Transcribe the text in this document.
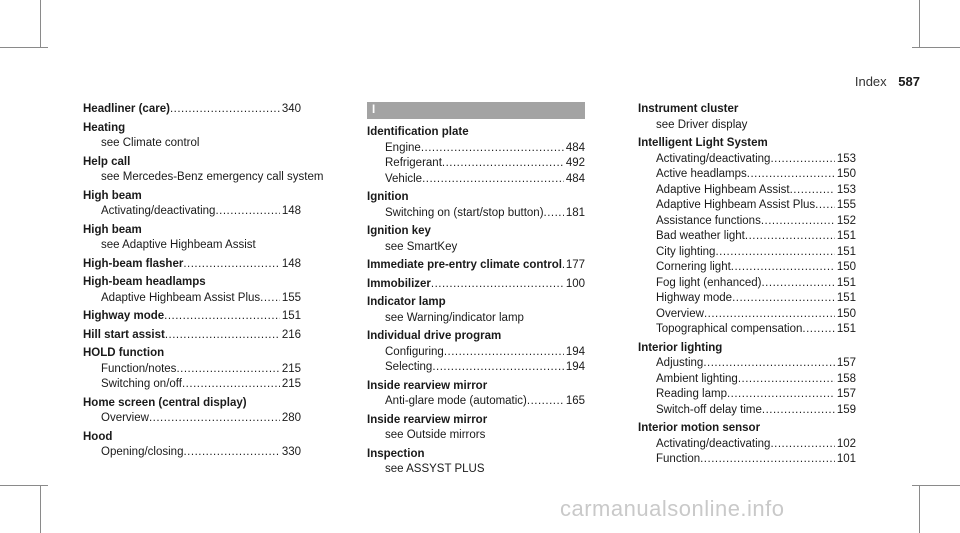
Index 587
Headliner (care) .....	340
Heating
see Climate control
Help call
see Mercedes-Benz emergency call system
High beam
Activating/deactivating .....	148
High beam
see Adaptive Highbeam Assist
High-beam flasher .....	148
High-beam headlamps
Adaptive Highbeam Assist Plus ..... 155
Highway mode .....	151
Hill start assist .....	216
HOLD function
Function/notes .....	215
Switching on/off .....	215
Home screen (central display)
Overview .....	280
Hood
Opening/closing .....	330
I
Identification plate
Engine .....	484
Refrigerant .....	492
Vehicle .....	484
Ignition
Switching on (start/stop button) ..... 181
Ignition key
see SmartKey
Immediate pre-entry climate control ..... 177
Immobilizer .....	100
Indicator lamp
see Warning/indicator lamp
Individual drive program
Configuring .....	194
Selecting .....	194
Inside rearview mirror
Anti-glare mode (automatic) .....	165
Inside rearview mirror
see Outside mirrors
Inspection
see ASSYST PLUS
Instrument cluster
see Driver display
Intelligent Light System
Activating/deactivating .....	153
Active headlamps .....	150
Adaptive Highbeam Assist .....	153
Adaptive Highbeam Assist Plus ..... 155
Assistance functions .....	152
Bad weather light .....	151
City lighting .....	151
Cornering light .....	150
Fog light (enhanced) .....	151
Highway mode .....	151
Overview .....	150
Topographical compensation .....	151
Interior lighting
Adjusting .....	157
Ambient lighting .....	158
Reading lamp .....	157
Switch-off delay time .....	159
Interior motion sensor
Activating/deactivating .....	102
Function .....	101
carmanualsonline.info
